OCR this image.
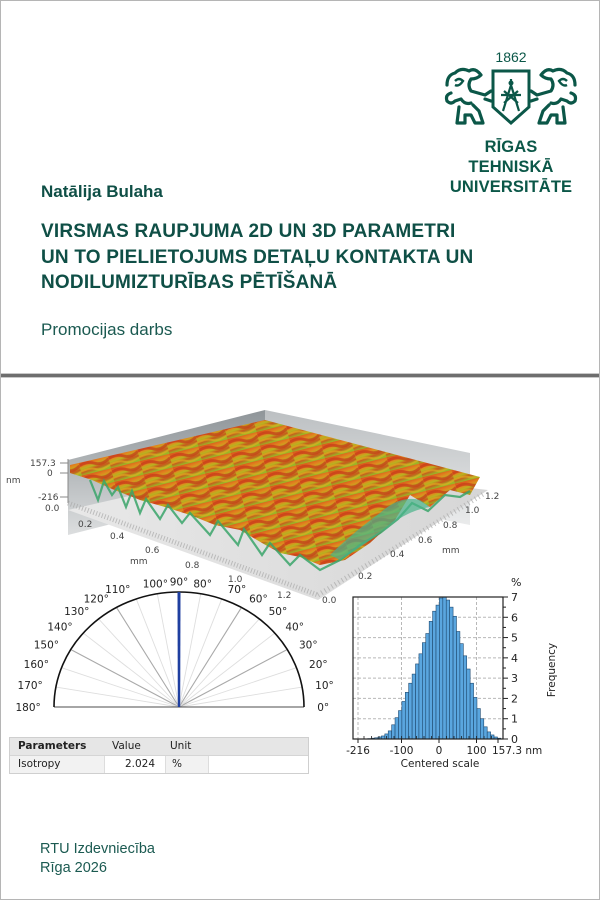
1862
RĪGAS TEHNISKĀ
UNIVERSITĀTE
Natālija Bulaha
VIRSMAS RAUPJUMA 2D UN 3D PARAMETRI
UN TO PIELIETOJUMS DETAĻU KONTAKTA UN
NODILUMIZTURĪBAS PĒTĪŠANĀ
Promocijas darbs
157.3
0
-216
nm
0.0
0.2
0.4
0.6
0.8
1.0
1.2
mm
0.0
0.2
0.4
0.6
0.8
1.0
1.2
mm
0°
10°
20°
30°
40°
50°
60°
70°
80°
90°
100°
110°
120°
130°
140°
150°
160°
170°
180°
Parameters	Value	Unit
Isotropy	2.024	%
0
1
2
3
4
5
6
7
-216 -100 0 100 157.3 nm
%
Centered scale
Frequency
RTU Izdevniecība
Rīga 2026
